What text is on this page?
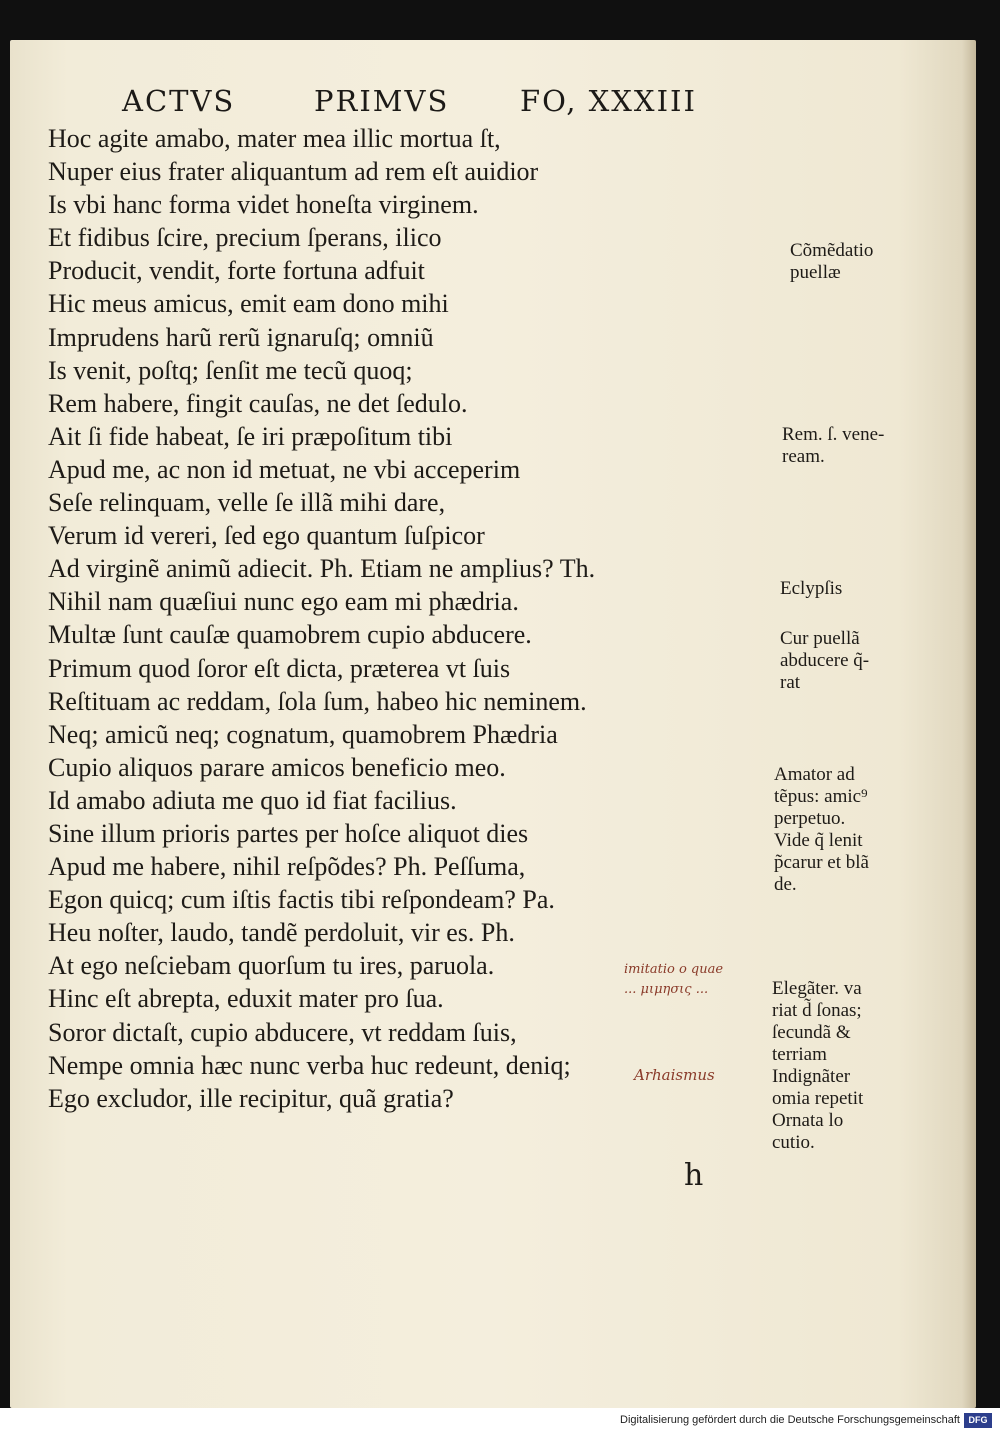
ACTVS	PRIMVS FO, XXXIII
Hoc agite amabo, mater mea illic mortua ſt,
Nuper eius frater aliquantum ad rem eſt auidior
Is vbi hanc forma videt honeſta virginem.
Et fidibus ſcire, precium ſperans, ilico
Producit, vendit, forte fortuna adfuit
Hic meus amicus, emit eam dono mihi
Imprudens harũ rerũ ignaruſq; omniũ
Is venit, poſtq; ſenſit me tecũ quoq;
Rem habere, fingit cauſas, ne det ſedulo.
Ait ſi fide habeat, ſe iri præpoſitum tibi
Apud me, ac non id metuat, ne vbi acceperim
Seſe relinquam, velle ſe illã mihi dare,
Verum id vereri, ſed ego quantum ſuſpicor
Ad virginẽ animũ adiecit. Ph. Etiam ne amplius? Th.
Nihil nam quæſiui nunc ego eam mi phædria.
Multæ ſunt cauſæ quamobrem cupio abducere.
Primum quod ſoror eſt dicta, præterea vt ſuis
Reſtituam ac reddam, ſola ſum, habeo hic neminem.
Neq; amicũ neq; cognatum, quamobrem Phædria
Cupio aliquos parare amicos beneficio meo.
Id amabo adiuta me quo id fiat facilius.
Sine illum prioris partes per hoſce aliquot dies
Apud me habere, nihil reſpõdes? Ph. Peſſuma,
Egon quicq; cum iſtis factis tibi reſpondeam? Pa.
Heu noſter, laudo, tandẽ perdoluit, vir es. Ph.
At ego neſciebam quorſum tu ires, paruola.
Hinc eſt abrepta, eduxit mater pro ſua.
Soror dictaſt, cupio abducere, vt reddam ſuis,
Nempe omnia hæc nunc verba huc redeunt, deniq;
Ego excludor, ille recipitur, quã gratia?
Cõmẽdatio
puellæ
Rem. ſ. vene-
ream.
Eclypſis
Cur puellã
abducere q̃-
rat
Amator ad
tẽpus: amic⁹
perpetuo.
Vide q̃ lenit
p̃carur et blã
de.
Elegãter. va
riat d̃ ſonas;
ſecundã &
terriam
Indignãter
omia repetit
Ornata lo
cutio.
imitatio o quae
... μιμησις ...
Arhaismus
h
Digitalisierung gefördert durch die Deutsche Forschungsgemeinschaft DFG
